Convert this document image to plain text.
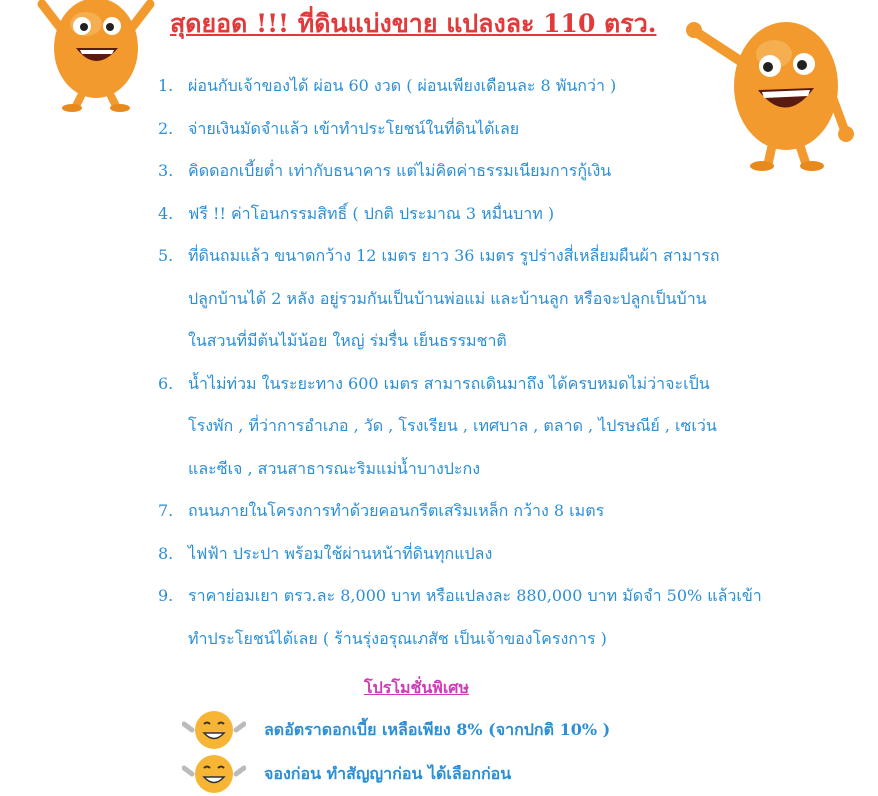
สุดยอด !!! ที่ดินแบ่งขาย แปลงละ 110 ตรว.
1. ผ่อนกับเจ้าของได้ ผ่อน 60 งวด ( ผ่อนเพียงเดือนละ 8 พันกว่า )
2. จ่ายเงินมัดจำแล้ว เข้าทำประโยชน์ในที่ดินได้เลย
3. คิดดอกเบี้ยต่ำ เท่ากับธนาคาร แต่ไม่คิดค่าธรรมเนียมการกู้เงิน
4. ฟรี !! ค่าโอนกรรมสิทธิ์ ( ปกติ ประมาณ 3 หมื่นบาท )
5. ที่ดินถมแล้ว ขนาดกว้าง 12 เมตร ยาว 36 เมตร รูปร่างสี่เหลี่ยมผืนผ้า สามารถ
ปลูกบ้านได้ 2 หลัง อยู่รวมกันเป็นบ้านพ่อแม่ และบ้านลูก หรือจะปลูกเป็นบ้าน
ในสวนที่มีต้นไม้น้อย ใหญ่ ร่มรื่น เย็นธรรมชาติ
6. น้ำไม่ท่วม ในระยะทาง 600 เมตร สามารถเดินมาถึง ได้ครบหมดไม่ว่าจะเป็น
โรงพัก , ที่ว่าการอำเภอ , วัด , โรงเรียน , เทศบาล , ตลาด , ไปรษณีย์ , เซเว่น
และซีเจ , สวนสาธารณะริมแม่น้ำบางปะกง
7. ถนนภายในโครงการทำด้วยคอนกรีตเสริมเหล็ก กว้าง 8 เมตร
8. ไฟฟ้า ประปา พร้อมใช้ผ่านหน้าที่ดินทุกแปลง
9. ราคาย่อมเยา ตรว.ละ 8,000 บาท หรือแปลงละ 880,000 บาท มัดจำ 50% แล้วเข้า
ทำประโยชน์ได้เลย ( ร้านรุ่งอรุณเภสัช เป็นเจ้าของโครงการ )
โปรโมชั่นพิเศษ
ลดอัตราดอกเบี้ย เหลือเพียง 8% (จากปกติ 10% )
จองก่อน ทำสัญญาก่อน ได้เลือกก่อน
